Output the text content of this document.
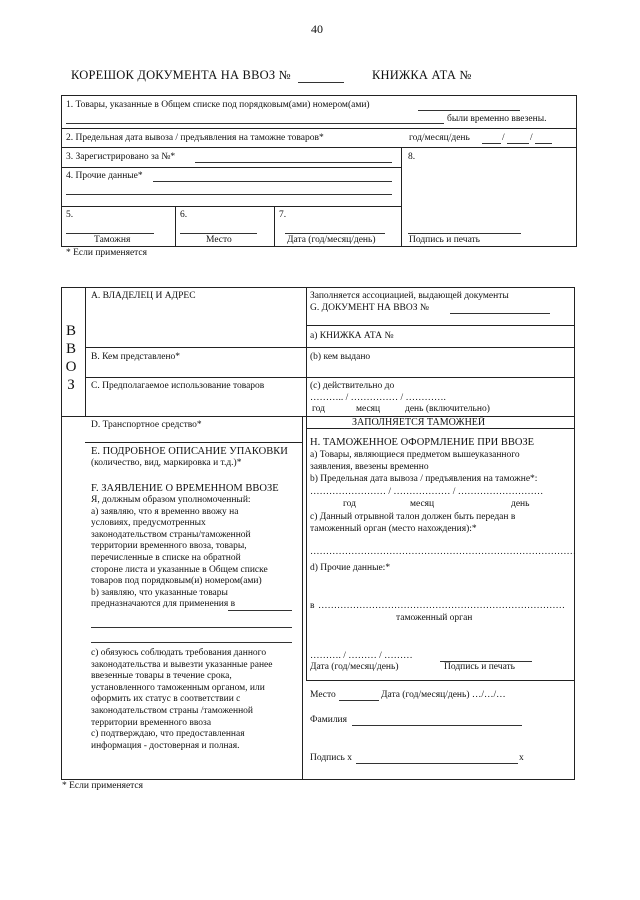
40
КОРЕШОК ДОКУМЕНТА НА ВВОЗ №	КНИЖКА АТА №
1. Товары, указанные в Общем списке под порядковым(ами) номером(ами)
были временно ввезены.
2. Предельная дата вывоза / предъявления на таможне товаров*	год/месяц/день	/	/
3. Зарегистрировано за №*	8.
4. Прочие данные*
5.	6.	7.
Таможня	Место	Дата (год/месяц/день)	Подпись и печать
* Если применяется
В
В
О
З
A. ВЛАДЕЛЕЦ И АДРЕС	Заполняется ассоциацией, выдающей документы
G. ДОКУМЕНТ НА ВВОЗ №
a) КНИЖКА АТА №
B. Кем представлено*	(b) кем выдано
C. Предполагаемое использование товаров	(c) действительно до
……….. / …………… / ………….
год	месяц	день (включительно)
D. Транспортное средство*	ЗАПОЛНЯЕТСЯ ТАМОЖНЕЙ
E. ПОДРОБНОЕ ОПИСАНИЕ УПАКОВКИ
(количество, вид, маркировка и т.д.)*
F. ЗАЯВЛЕНИЕ О ВРЕМЕННОМ ВВОЗЕ
Я, должным образом уполномоченный:
а) заявляю, что я временно ввожу на
условиях, предусмотренных
законодательством страны/таможенной
территории временного ввоза, товары,
перечисленные в списке на обратной
стороне листа и указанные в Общем списке
товаров под порядковым(и) номером(ами)
b) заявляю, что указанные товары
предназначаются для применения в
с) обязуюсь соблюдать требования данного
законодательства и вывезти указанные ранее
ввезенные товары в течение срока,
установленного таможенным органом, или
оформить их статус в соответствии с
законодательством страны /таможенной
территории временного ввоза
с) подтверждаю, что предоставленная
информация - достоверная и полная.
H. ТАМОЖЕННОЕ ОФОРМЛЕНИЕ ПРИ ВВОЗЕ
а) Товары, являющиеся предметом вышеуказанного
заявления, ввезены временно
b) Предельная дата вывоза / предъявления на таможне*:
…………………… / ……………… / ………………………
год	месяц	день
с) Данный отрывной талон должен быть передан в
таможенный орган (место нахождения):*
…………………………………………………………………………
d) Прочие данные:*
в ……………………………………………………………………
таможенный орган
………. / ……… / ………
Дата (год/месяц/день)	Подпись и печать
Место	Дата (год/месяц/день) …/…/…
Фамилия
Подпись х	х
* Если применяется
